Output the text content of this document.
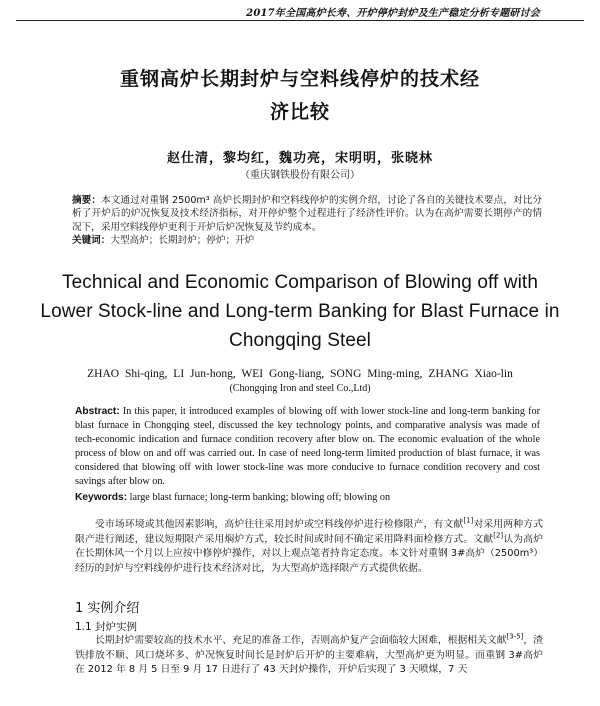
2017年全国高炉长寿、开炉停炉封炉及生产稳定分析专题研讨会
重钢高炉长期封炉与空料线停炉的技术经
济比较
赵仕清，黎均红，魏功亮，宋明明，张晓林
（重庆钢铁股份有限公司）
摘要：本文通过对重钢 2500m³ 高炉长期封炉和空料线停炉的实例介绍，讨论了各自的关键技术要点，对比分析了开炉后的炉况恢复及技术经济指标，对开停炉整个过程进行了经济性评价。认为在高炉需要长期停产的情况下，采用空料线停炉更利于开炉后炉况恢复及节约成本。
关键词：大型高炉；长期封炉；停炉；开炉
Technical and Economic Comparison of Blowing off with
Lower Stock-line and Long-term Banking for Blast Furnace in
Chongqing Steel
ZHAO Shi-qing, LI Jun-hong, WEI Gong-liang, SONG Ming-ming, ZHANG Xiao-lin
(Chongqing Iron and steel Co.,Ltd)
Abstract: In this paper, it introduced examples of blowing off with lower stock-line and long-term banking for blast furnace in Chongqing steel, discussed the key technology points, and comparative analysis was made of tech-economic indication and furnace condition recovery after blow on. The economic evaluation of the whole process of blow on and off was carried out. In case of need long-term limited production of blast furnace, it was considered that blowing off with lower stock-line was more conducive to furnace condition recovery and cost savings after blow on.
Keywords: large blast furnace; long-term banking; blowing off; blowing on
受市场环境或其他因素影响，高炉往往采用封炉或空料线停炉进行检修限产，有文献[1]对采用两种方式限产进行阐述，建议短期限产采用焖炉方式，较长时间或时间不确定采用降料面检修方式。文献[2]认为高炉在长期休风一个月以上应按中修停炉操作，对以上观点笔者持肯定态度。本文针对重钢 3#高炉（2500m³）经历的封炉与空料线停炉进行技术经济对比，为大型高炉选择限产方式提供依据。
1 实例介绍
1.1 封炉实例
长期封炉需要较高的技术水平、充足的准备工作，否则高炉复产会面临较大困难，根据相关文献[3-5]，渣铁排放不顺、风口烧坏多、炉况恢复时间长是封炉后开炉的主要难病，大型高炉更为明显。而重钢 3#高炉在 2012 年 8 月 5 日至 9 月 17 日进行了 43 天封炉操作，开炉后实现了 3 天喷煤，7 天
